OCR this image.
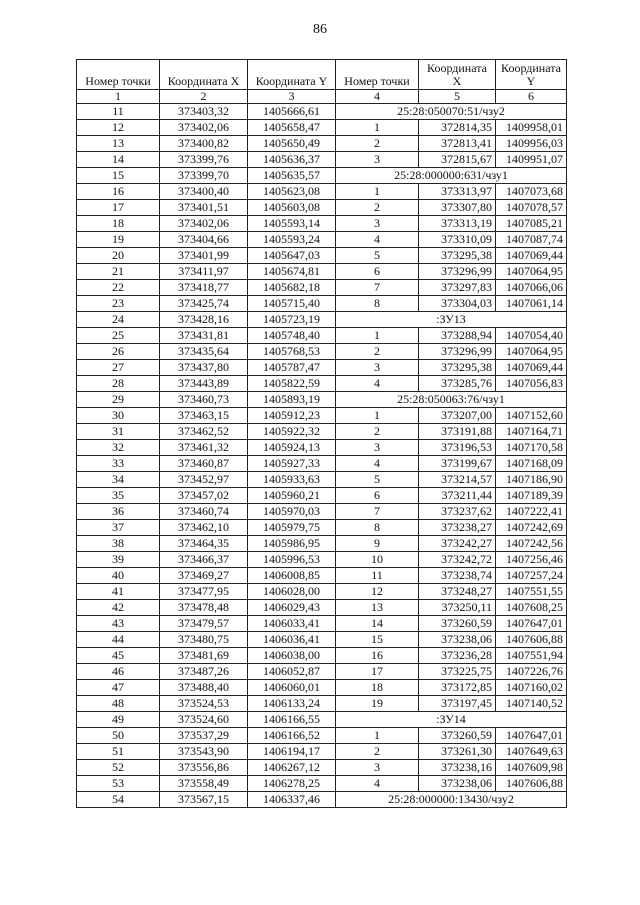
86
Номер точки	Координата X	Координата Y	Номер точки	Координата X	Координата Y
1	2	3	4	5	6
11	373403,32	1405666,61	25:28:050070:51/чзу2		
12	373402,06	1405658,47	1	372814,35	1409958,01
13	373400,82	1405650,49	2	372813,41	1409956,03
14	373399,76	1405636,37	3	372815,67	1409951,07
15	373399,70	1405635,57	25:28:000000:631/чзу1		
16	373400,40	1405623,08	1	373313,97	1407073,68
17	373401,51	1405603,08	2	373307,80	1407078,57
18	373402,06	1405593,14	3	373313,19	1407085,21
19	373404,66	1405593,24	4	373310,09	1407087,74
20	373401,99	1405647,03	5	373295,38	1407069,44
21	373411,97	1405674,81	6	373296,99	1407064,95
22	373418,77	1405682,18	7	373297,83	1407066,06
23	373425,74	1405715,40	8	373304,03	1407061,14
24	373428,16	1405723,19	:ЗУ13		
25	373431,81	1405748,40	1	373288,94	1407054,40
26	373435,64	1405768,53	2	373296,99	1407064,95
27	373437,80	1405787,47	3	373295,38	1407069,44
28	373443,89	1405822,59	4	373285,76	1407056,83
29	373460,73	1405893,19	25:28:050063:76/чзу1		
30	373463,15	1405912,23	1	373207,00	1407152,60
31	373462,52	1405922,32	2	373191,88	1407164,71
32	373461,32	1405924,13	3	373196,53	1407170,58
33	373460,87	1405927,33	4	373199,67	1407168,09
34	373452,97	1405933,63	5	373214,57	1407186,90
35	373457,02	1405960,21	6	373211,44	1407189,39
36	373460,74	1405970,03	7	373237,62	1407222,41
37	373462,10	1405979,75	8	373238,27	1407242,69
38	373464,35	1405986,95	9	373242,27	1407242,56
39	373466,37	1405996,53	10	373242,72	1407256,46
40	373469,27	1406008,85	11	373238,74	1407257,24
41	373477,95	1406028,00	12	373248,27	1407551,55
42	373478,48	1406029,43	13	373250,11	1407608,25
43	373479,57	1406033,41	14	373260,59	1407647,01
44	373480,75	1406036,41	15	373238,06	1407606,88
45	373481,69	1406038,00	16	373236,28	1407551,94
46	373487,26	1406052,87	17	373225,75	1407226,76
47	373488,40	1406060,01	18	373172,85	1407160,02
48	373524,53	1406133,24	19	373197,45	1407140,52
49	373524,60	1406166,55	:ЗУ14		
50	373537,29	1406166,52	1	373260,59	1407647,01
51	373543,90	1406194,17	2	373261,30	1407649,63
52	373556,86	1406267,12	3	373238,16	1407609,98
53	373558,49	1406278,25	4	373238,06	1407606,88
54	373567,15	1406337,46	25:28:000000:13430/чзу2		
